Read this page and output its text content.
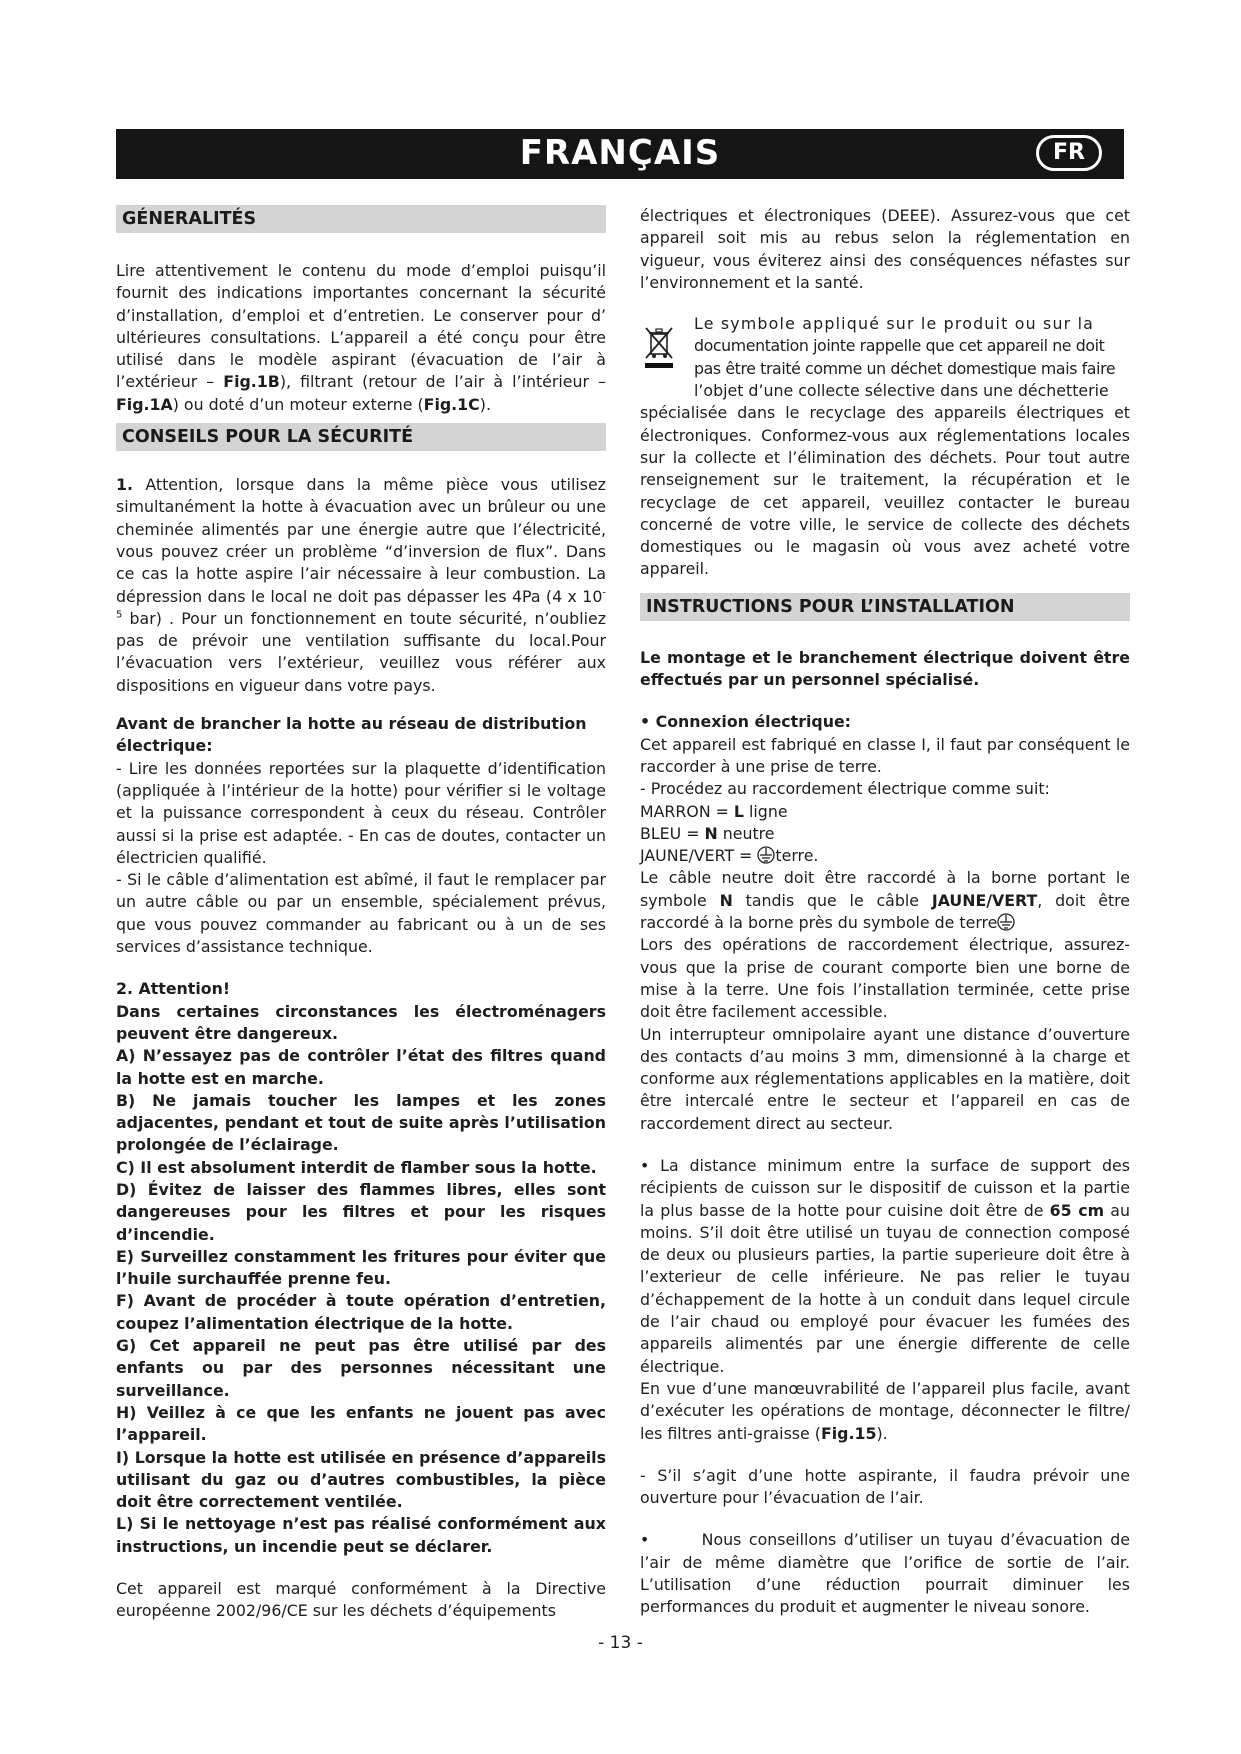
FRANÇAIS	FR
GÉNERALITÉS

Lire attentivement le contenu du mode d’emploi puisqu’il fournit des indications importantes concernant la sécurité d’installation, d’emploi et d’entretien. Le conserver pour d’ ultérieures consultations. L’appareil a été conçu pour être utilisé dans le modèle aspirant (évacuation de l’air à l’extérieur – Fig.1B), filtrant (retour de l’air à l’intérieur – Fig.1A) ou doté d’un moteur externe (Fig.1C).

CONSEILS POUR LA SÉCURITÉ

1. Attention, lorsque dans la même pièce vous utilisez simultanément la hotte à évacuation avec un brûleur ou une cheminée alimentés par une énergie autre que l’électricité, vous pouvez créer un problème “d’inversion de flux”. Dans ce cas la hotte aspire l’air nécessaire à leur combustion. La dépression dans le local ne doit pas dépasser les 4Pa (4 x $10^{-5}$ bar) . Pour un fonctionnement en toute sécurité, n’oubliez pas de prévoir une ventilation suffisante du local.Pour l’évacuation vers l’extérieur, veuillez vous référer aux dispositions en vigueur dans votre pays.

Avant de brancher la hotte au réseau de distribution électrique:

- Lire les données reportées sur la plaquette d’identification (appliquée à l’intérieur de la hotte) pour vérifier si le voltage et la puissance correspondent à ceux du réseau. Contrôler aussi si la prise est adaptée. - En cas de doutes, contacter un électricien qualifié.

- Si le câble d’alimentation est abîmé, il faut le remplacer par un autre câble ou par un ensemble, spécialement prévus, que vous pouvez commander au fabricant ou à un de ses services d’assistance technique.

2. Attention!

Dans certaines circonstances les électroménagers peuvent être dangereux.

A) N’essayez pas de contrôler l’état des filtres quand la hotte est en marche.

B) Ne jamais toucher les lampes et les zones adjacentes, pendant et tout de suite après l’utilisation prolongée de l’éclairage.

C) Il est absolument interdit de flamber sous la hotte.

D) Évitez de laisser des flammes libres, elles sont dangereuses pour les filtres et pour les risques d’incendie.

E) Surveillez constamment les fritures pour éviter que l’huile surchauffée prenne feu.

F) Avant de procéder à toute opération d’entretien, coupez l’alimentation électrique de la hotte.

G) Cet appareil ne peut pas être utilisé par des enfants ou par des personnes nécessitant une surveillance.

H) Veillez à ce que les enfants ne jouent pas avec l’appareil.

I) Lorsque la hotte est utilisée en présence d’appareils utilisant du gaz ou d’autres combustibles, la pièce doit être correctement ventilée.

L) Si le nettoyage n’est pas réalisé conformément aux instructions, un incendie peut se déclarer.

Cet appareil est marqué conformément à la Directive européenne 2002/96/CE sur les déchets d’équipements

électriques et électroniques (DEEE). Assurez-vous que cet appareil soit mis au rebus selon la réglementation en vigueur, vous éviterez ainsi des conséquences néfastes sur l’environnement et la santé.

Le symbole appliqué sur le produit ou sur la

documentation jointe rappelle que cet appareil ne doit

pas être traité comme un déchet domestique mais faire

l’objet d’une collecte sélective dans une déchetterie

spécialisée dans le recyclage des appareils électriques et électroniques. Conformez-vous aux réglementations locales sur la collecte et l’élimination des déchets. Pour tout autre renseignement sur le traitement, la récupération et le recyclage de cet appareil, veuillez contacter le bureau concerné de votre ville, le service de collecte des déchets domestiques ou le magasin où vous avez acheté votre appareil.

INSTRUCTIONS POUR L’INSTALLATION

Le montage et le branchement électrique doivent être effectués par un personnel spécialisé.

• Connexion électrique:

Cet appareil est fabriqué en classe I, il faut par conséquent le raccorder à une prise de terre.

- Procédez au raccordement électrique comme suit:

MARRON = L ligne

BLEU = N neutre

JAUNE/VERT = terre.

Le câble neutre doit être raccordé à la borne portant le symbole N tandis que le câble JAUNE/VERT, doit être raccordé à la borne près du symbole de terre

Lors des opérations de raccordement électrique, assurez-vous que la prise de courant comporte bien une borne de mise à la terre. Une fois l’installation terminée, cette prise doit être facilement accessible.

Un interrupteur omnipolaire ayant une distance d’ouverture des contacts d’au moins 3 mm, dimensionné à la charge et conforme aux réglementations applicables en la matière, doit être intercalé entre le secteur et l’appareil en cas de raccordement direct au secteur.

• La distance minimum entre la surface de support des récipients de cuisson sur le dispositif de cuisson et la partie la plus basse de la hotte pour cuisine doit être de 65 cm au moins. S’il doit être utilisé un tuyau de connection composé de deux ou plusieurs parties, la partie superieure doit être à l’exterieur de celle inférieure. Ne pas relier le tuyau d’échappement de la hotte à un conduit dans lequel circule de l’air chaud ou employé pour évacuer les fumées des appareils alimentés par une énergie differente de celle électrique.

En vue d’une manœuvrabilité de l’appareil plus facile, avant d’exécuter les opérations de montage, déconnecter le filtre/ les filtres anti-graisse (Fig.15).

- S’il s’agit d’une hotte aspirante, il faudra prévoir une ouverture pour l’évacuation de l’air.

•       Nous conseillons d’utiliser un tuyau d’évacuation de l’air de même diamètre que l’orifice de sortie de l’air. L’utilisation d’une réduction pourrait diminuer les performances du produit et augmenter le niveau sonore.

- 13 -
